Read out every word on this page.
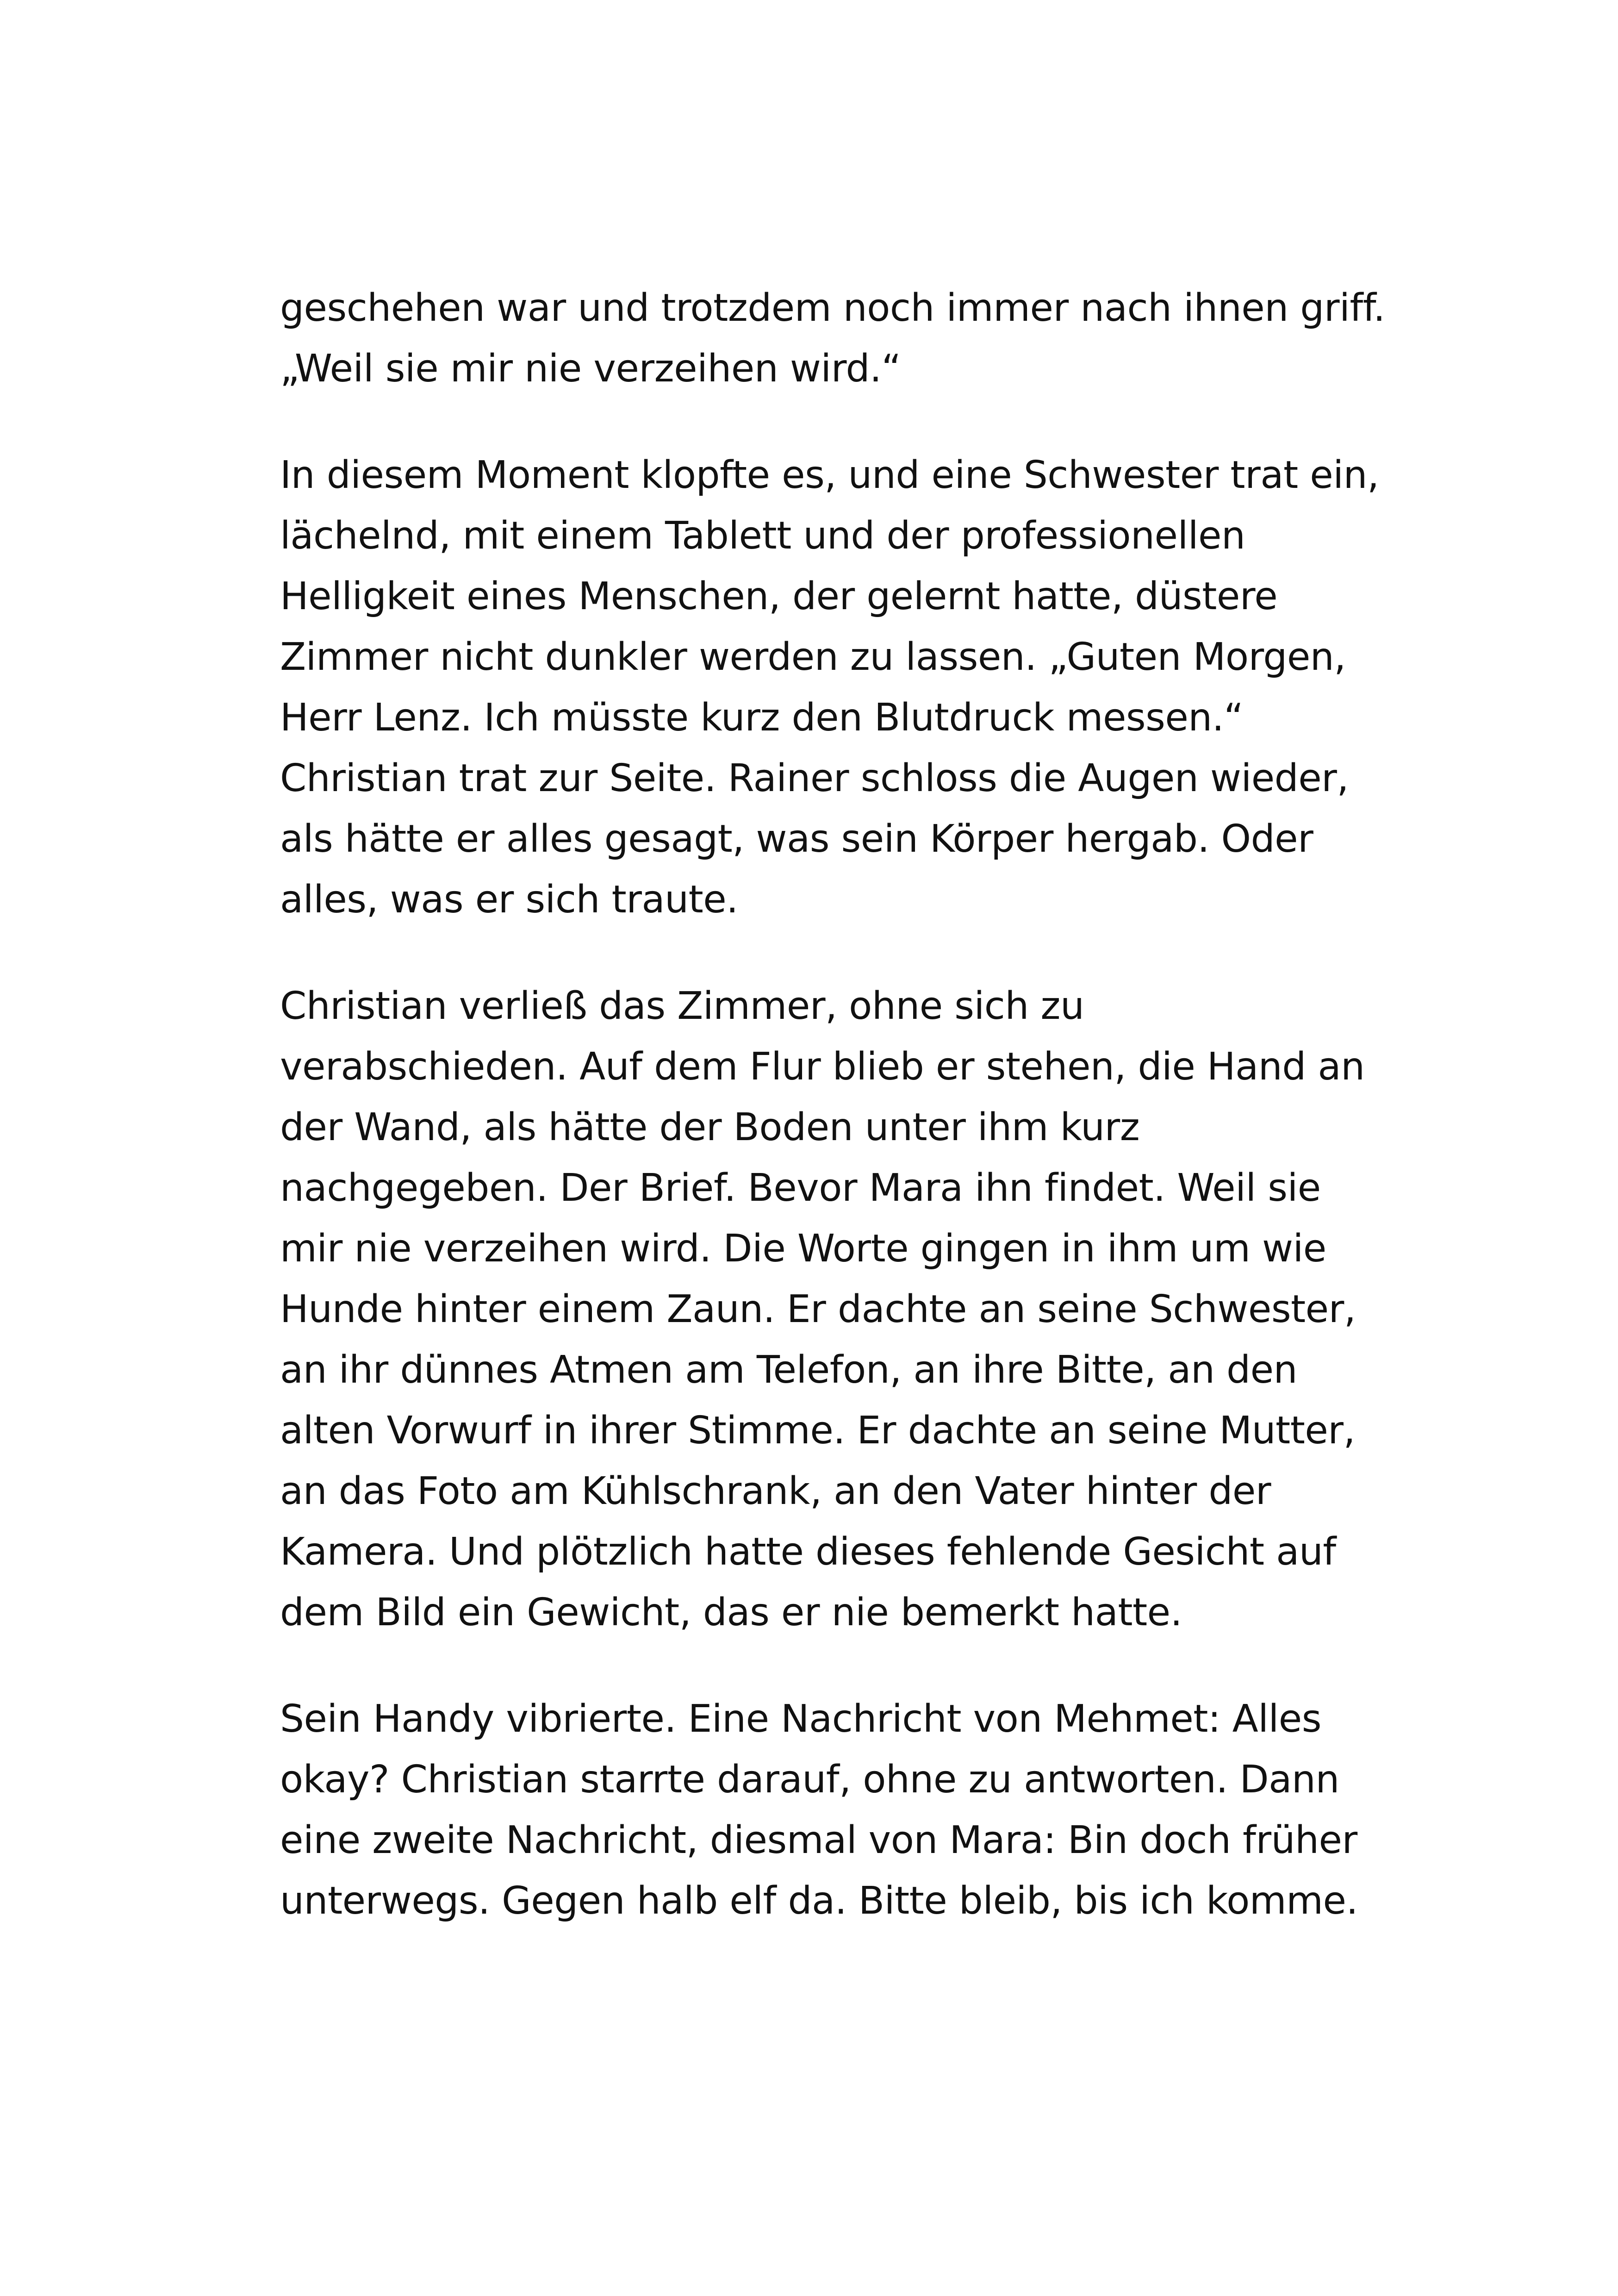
geschehen war und trotzdem noch immer nach ihnen griff.
„Weil sie mir nie verzeihen wird.“
In diesem Moment klopfte es, und eine Schwester trat ein,
lächelnd, mit einem Tablett und der professionellen
Helligkeit eines Menschen, der gelernt hatte, düstere
Zimmer nicht dunkler werden zu lassen. „Guten Morgen,
Herr Lenz. Ich müsste kurz den Blutdruck messen.“
Christian trat zur Seite. Rainer schloss die Augen wieder,
als hätte er alles gesagt, was sein Körper hergab. Oder
alles, was er sich traute.
Christian verließ das Zimmer, ohne sich zu
verabschieden. Auf dem Flur blieb er stehen, die Hand an
der Wand, als hätte der Boden unter ihm kurz
nachgegeben. Der Brief. Bevor Mara ihn findet. Weil sie
mir nie verzeihen wird. Die Worte gingen in ihm um wie
Hunde hinter einem Zaun. Er dachte an seine Schwester,
an ihr dünnes Atmen am Telefon, an ihre Bitte, an den
alten Vorwurf in ihrer Stimme. Er dachte an seine Mutter,
an das Foto am Kühlschrank, an den Vater hinter der
Kamera. Und plötzlich hatte dieses fehlende Gesicht auf
dem Bild ein Gewicht, das er nie bemerkt hatte.
Sein Handy vibrierte. Eine Nachricht von Mehmet: Alles
okay? Christian starrte darauf, ohne zu antworten. Dann
eine zweite Nachricht, diesmal von Mara: Bin doch früher
unterwegs. Gegen halb elf da. Bitte bleib, bis ich komme.
